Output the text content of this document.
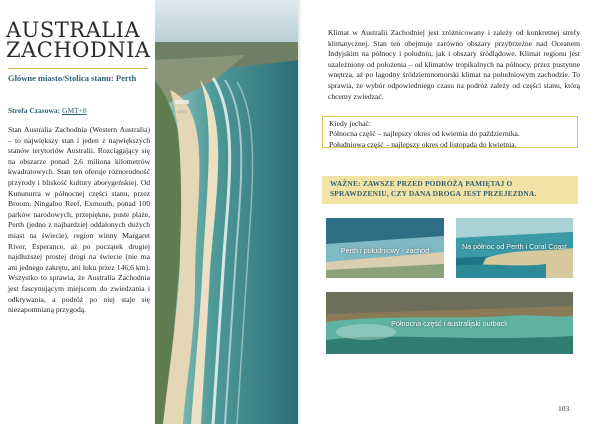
AUSTRALIA ZACHODNIA
Główne miasto/Stolica stanu: Perth
Strefa Czasowa: GMT+8
Stan Australia Zachodnia (Western Australia) – to największy stan i jeden z największych stanów terytoriów Australii. Rozciągający się na obszarze ponad 2,6 miliona kilometrów kwadratowych. Stan ten oferuje różnorodność przyrody i bliskość kultury aborygeńskiej. Od Kununurra w północnej części stanu, przez Broom, Ningaloo Reef, Exmouth, ponad 100 parków narodowych, przepiękne, puste plaże, Perth (jedno z najbardziej oddalonych dużych miast na świecie), region winny Margaret River, Esperance, aż po początek drugiej najdłuższej prostej drogi na świecie (nie ma ani jednego zakrętu, ani łuku przez 146,6 km). Wszystko to sprawia, że Australia Zachodnia jest fascynującym miejscem do zwiedzania i odkrywania, a podróż po niej staje się niezapomnianą przygodą.
Klimat w Australii Zachodniej jest zróżnicowany i zależy od konkretnej strefy klimatycznej. Stan ten obejmuje zarówno obszary przybrzeżne nad Oceanem Indyjskim na północy i południu, jak i obszary śródlądowe. Klimat regionu jest uzależniony od położenia – od klimatów tropikalnych na północy, przez pustynne wnętrza, aż po łagodny śródziemnomorski klimat na południowym zachodzie. To sprawia, że wybór odpowiedniego czasu na podróż zależy od części stanu, którą chcemy zwiedzać.
Kiedy jechać:
Północna część – najlepszy okres od kwietnia do października.
Południowa część – najlepszy okres od listopada do kwietnia.
WAŻNE: ZAWSZE PRZED PODRÓŻĄ PAMIĘTAJ O SPRAWDZENIU, CZY DANA DROGA JEST PRZEJEZDNA.
Perth i południowy - zachód	Na północ od Perth i Coral Coast
Północna część i australijski outback
103
